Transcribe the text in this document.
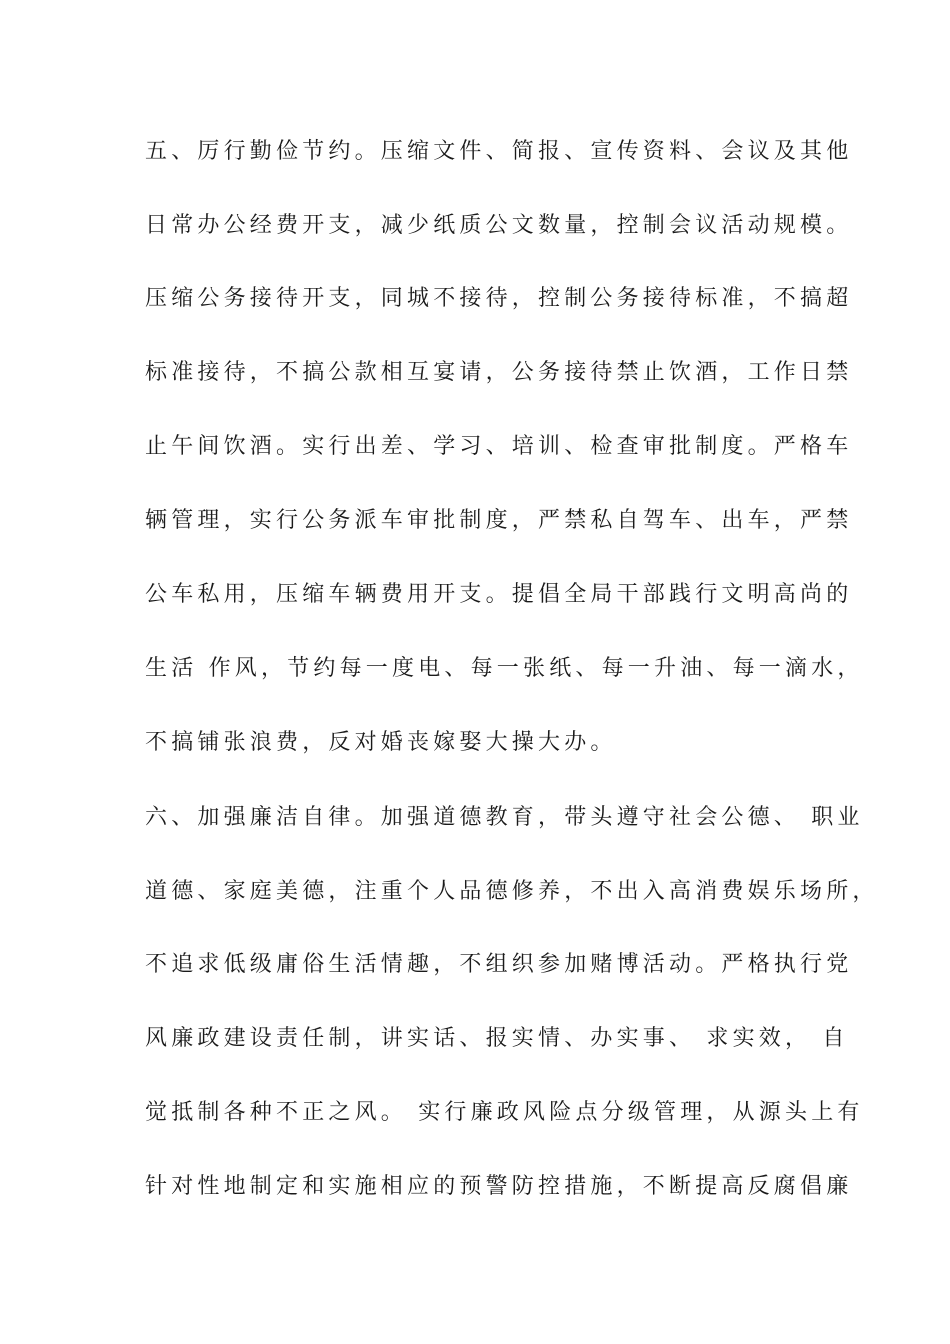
五、厉行勤俭节约。压缩文件、简报、宣传资料、会议及其他
日常办公经费开支，减少纸质公文数量，控制会议活动规模。
压缩公务接待开支，同城不接待，控制公务接待标准，不搞超
标准接待，不搞公款相互宴请，公务接待禁止饮酒，工作日禁
止午间饮酒。实行出差、学习、培训、检查审批制度。严格车
辆管理，实行公务派车审批制度，严禁私自驾车、出车，严禁
公车私用，压缩车辆费用开支。提倡全局干部践行文明高尚的
生活 作风，节约每一度电、每一张纸、每一升油、每一滴水，
不搞铺张浪费，反对婚丧嫁娶大操大办。
六、加强廉洁自律。加强道德教育，带头遵守社会公德、 职业
道德、家庭美德，注重个人品德修养，不出入高消费娱乐场所，
不追求低级庸俗生活情趣，不组织参加赌博活动。严格执行党
风廉政建设责任制，讲实话、报实情、办实事、 求实效， 自
觉抵制各种不正之风。 实行廉政风险点分级管理，从源头上有
针对性地制定和实施相应的预警防控措施，不断提高反腐倡廉
